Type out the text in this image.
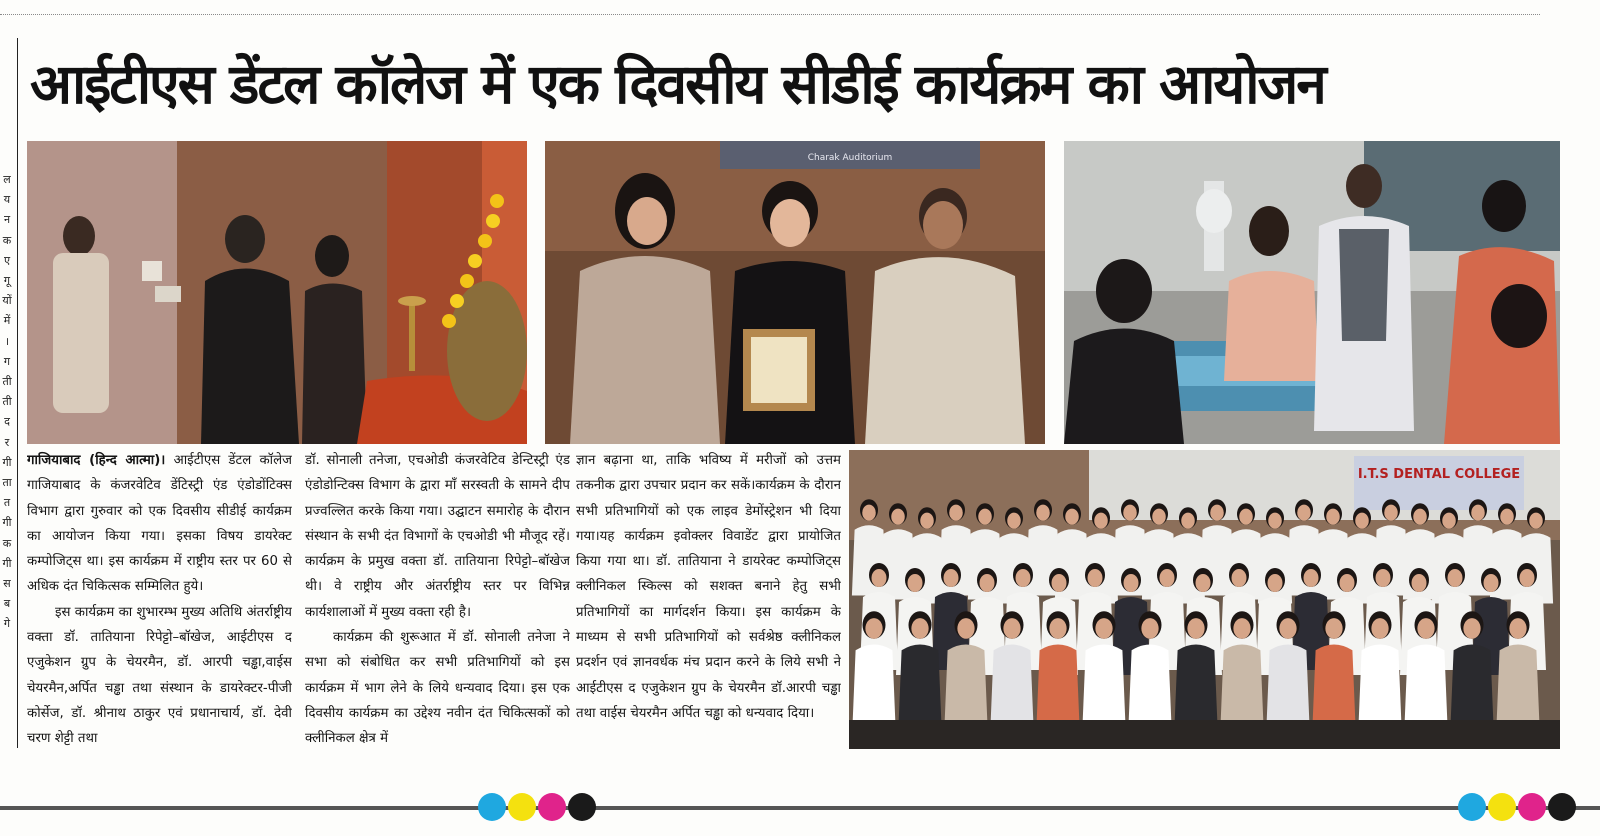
ल
य
न
क
ए
गू
यों
में
।
ग
ती
ती
द
र
गी
ता
त
गी
क
गी
स
ब
गे
आईटीएस डेंटल कॉलेज में एक दिवसीय सीडीई कार्यक्रम का आयोजन
Charak Auditorium
I.T.S DENTAL COLLEGE

गाजियाबाद (हिन्द आत्मा)। आईटीएस डेंटल कॉलेज गाजियाबाद के कंजरवेटिव डेंटिस्ट्री एंड एंडोडोंटिक्स विभाग द्वारा गुरुवार को एक दिवसीय सीडीई कार्यक्रम का आयोजन किया गया। इसका विषय डायरेक्ट कम्पोजिट्स था। इस कार्यक्रम में राष्ट्रीय स्तर पर 60 से अधिक दंत चिकित्सक सम्मिलित हुये।

इस कार्यक्रम का शुभारम्भ मुख्य अतिथि अंतर्राष्ट्रीय वक्ता डॉ. तातियाना रिपेट्टो–बॉखेज, आईटीएस द एजुकेशन ग्रुप के चेयरमैन, डॉ. आरपी चड्ढा,वाईस चेयरमैन,अर्पित चड्ढा तथा संस्थान के डायरेक्टर-पीजी कोर्सेज, डॉ. श्रीनाथ ठाकुर एवं प्रधानाचार्य, डॉ. देवी चरण शेट्टी तथा

डॉ. सोनाली तनेजा, एचओडी कंजरवेटिव डेन्टिस्ट्री एंड एंडोडोन्टिक्स विभाग के द्वारा माँ सरस्वती के सामने दीप प्रज्वल्लित करके किया गया। उद्घाटन समारोह के दौरान संस्थान के सभी दंत विभागों के एचओडी भी मौजूद रहें। कार्यक्रम के प्रमुख वक्ता डॉ. तातियाना रिपेट्टो–बॉखेज थी। वे राष्ट्रीय और अंतर्राष्ट्रीय स्तर पर विभिन्न कार्यशालाओं में मुख्य वक्ता रही है।

कार्यक्रम की शुरूआत में डॉ. सोनाली तनेजा ने सभा को संबोधित कर सभी प्रतिभागियों को इस कार्यक्रम में भाग लेने के लिये धन्यवाद दिया। इस एक दिवसीय कार्यक्रम का उद्देश्य नवीन दंत चिकित्सकों को क्लीनिकल क्षेत्र में

ज्ञान बढ़ाना था, ताकि भविष्य में मरीजों को उत्तम तकनीक द्वारा उपचार प्रदान कर सकें।कार्यक्रम के दौरान सभी प्रतिभागियों को एक लाइव डेमोंस्ट्रेशन भी दिया गया।यह कार्यक्रम इवोक्लर विवाडेंट द्वारा प्रायोजित किया गया था। डॉ. तातियाना ने डायरेक्ट कम्पोजिट्स क्लीनिकल स्किल्स को सशक्त बनाने हेतु सभी प्रतिभागियों का मार्गदर्शन किया। इस कार्यक्रम के माध्यम से सभी प्रतिभागियों को सर्वश्रेष्ठ क्लीनिकल प्रदर्शन एवं ज्ञानवर्धक मंच प्रदान करने के लिये सभी ने आईटीएस द एजुकेशन ग्रुप के चेयरमैन डॉ.आरपी चड्ढा तथा वाईस चेयरमैन अर्पित चड्ढा को धन्यवाद दिया।
